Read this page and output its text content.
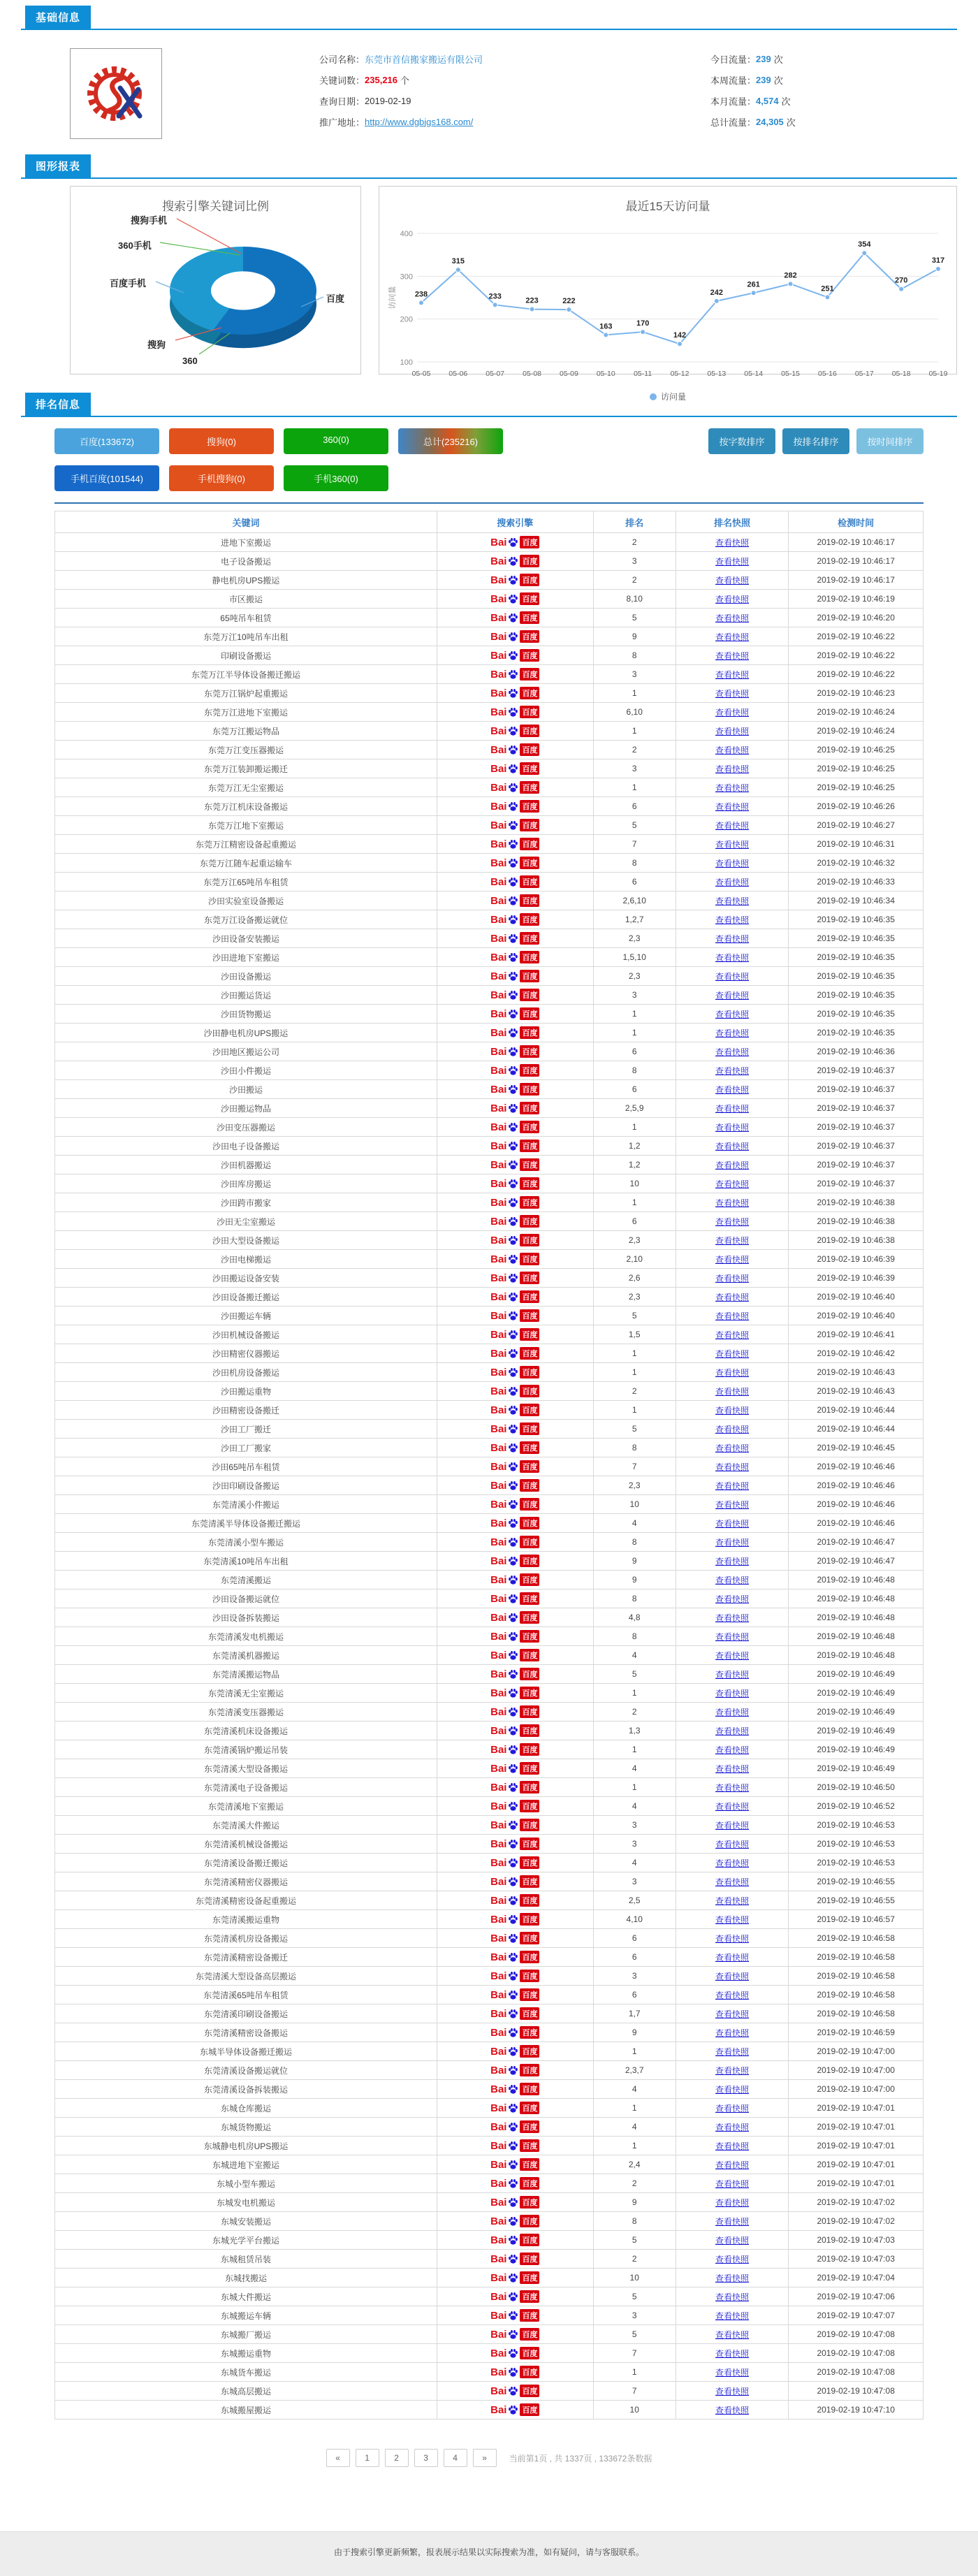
基础信息
公司名称： 东莞市首信搬家搬运有限公司
关键词数： 235,216 个
查询日期： 2019-02-19
推广地址： http://www.dgbjgs168.com/
今日流量： 239 次
本周流量： 239 次
本月流量： 4,574 次
总计流量： 24,305 次
图形报表
搜索引擎关键词比例
百度
百度手机
搜狗手机
360手机
搜狗
360
最近15天访问量
100
200
300
400
访问量 238
05-05
315
05-06
233
05-07
223
05-08
222
05-09
163
05-10
170
05-11
142
05-12
242
05-13
261
05-14
282
05-15
251
05-16
354
05-17
270
05-18
317
05-19
访问量
排名信息
百度(133672)	搜狗(0)	360(0)	总计(235216)	按字数排序	按排名排序	按时间排序
手机百度(101544)	手机搜狗(0)	手机360(0)
关键词	搜索引擎	排名	排名快照	检测时间
进地下室搬运	Bai 百度	2	查看快照	2019-02-19 10:46:17
电子设备搬运	Bai 百度	3	查看快照	2019-02-19 10:46:17
静电机房UPS搬运	Bai 百度	2	查看快照	2019-02-19 10:46:17
市区搬运	Bai 百度	8,10	查看快照	2019-02-19 10:46:19
65吨吊车租赁	Bai 百度	5	查看快照	2019-02-19 10:46:20
东莞万江10吨吊车出租	Bai 百度	9	查看快照	2019-02-19 10:46:22
印刷设备搬运	Bai 百度	8	查看快照	2019-02-19 10:46:22
东莞万江半导体设备搬迁搬运	Bai 百度	3	查看快照	2019-02-19 10:46:22
东莞万江锅炉起重搬运	Bai 百度	1	查看快照	2019-02-19 10:46:23
东莞万江进地下室搬运	Bai 百度	6,10	查看快照	2019-02-19 10:46:24
东莞万江搬运物品	Bai 百度	1	查看快照	2019-02-19 10:46:24
东莞万江变压器搬运	Bai 百度	2	查看快照	2019-02-19 10:46:25
东莞万江装卸搬运搬迁	Bai 百度	3	查看快照	2019-02-19 10:46:25
东莞万江无尘室搬运	Bai 百度	1	查看快照	2019-02-19 10:46:25
东莞万江机床设备搬运	Bai 百度	6	查看快照	2019-02-19 10:46:26
东莞万江地下室搬运	Bai 百度	5	查看快照	2019-02-19 10:46:27
东莞万江精密设备起重搬运	Bai 百度	7	查看快照	2019-02-19 10:46:31
东莞万江随车起重运输车	Bai 百度	8	查看快照	2019-02-19 10:46:32
东莞万江65吨吊车租赁	Bai 百度	6	查看快照	2019-02-19 10:46:33
沙田实验室设备搬运	Bai 百度	2,6,10	查看快照	2019-02-19 10:46:34
东莞万江设备搬运就位	Bai 百度	1,2,7	查看快照	2019-02-19 10:46:35
沙田设备安装搬运	Bai 百度	2,3	查看快照	2019-02-19 10:46:35
沙田进地下室搬运	Bai 百度	1,5,10	查看快照	2019-02-19 10:46:35
沙田设备搬运	Bai 百度	2,3	查看快照	2019-02-19 10:46:35
沙田搬运货运	Bai 百度	3	查看快照	2019-02-19 10:46:35
沙田货物搬运	Bai 百度	1	查看快照	2019-02-19 10:46:35
沙田静电机房UPS搬运	Bai 百度	1	查看快照	2019-02-19 10:46:35
沙田地区搬运公司	Bai 百度	6	查看快照	2019-02-19 10:46:36
沙田小件搬运	Bai 百度	8	查看快照	2019-02-19 10:46:37
沙田搬运	Bai 百度	6	查看快照	2019-02-19 10:46:37
沙田搬运物品	Bai 百度	2,5,9	查看快照	2019-02-19 10:46:37
沙田变压器搬运	Bai 百度	1	查看快照	2019-02-19 10:46:37
沙田电子设备搬运	Bai 百度	1,2	查看快照	2019-02-19 10:46:37
沙田机器搬运	Bai 百度	1,2	查看快照	2019-02-19 10:46:37
沙田库房搬运	Bai 百度	10	查看快照	2019-02-19 10:46:37
沙田跨市搬家	Bai 百度	1	查看快照	2019-02-19 10:46:38
沙田无尘室搬运	Bai 百度	6	查看快照	2019-02-19 10:46:38
沙田大型设备搬运	Bai 百度	2,3	查看快照	2019-02-19 10:46:38
沙田电梯搬运	Bai 百度	2,10	查看快照	2019-02-19 10:46:39
沙田搬运设备安装	Bai 百度	2,6	查看快照	2019-02-19 10:46:39
沙田设备搬迁搬运	Bai 百度	2,3	查看快照	2019-02-19 10:46:40
沙田搬运车辆	Bai 百度	5	查看快照	2019-02-19 10:46:40
沙田机械设备搬运	Bai 百度	1,5	查看快照	2019-02-19 10:46:41
沙田精密仪器搬运	Bai 百度	1	查看快照	2019-02-19 10:46:42
沙田机房设备搬运	Bai 百度	1	查看快照	2019-02-19 10:46:43
沙田搬运重物	Bai 百度	2	查看快照	2019-02-19 10:46:43
沙田精密设备搬迁	Bai 百度	1	查看快照	2019-02-19 10:46:44
沙田工厂搬迁	Bai 百度	5	查看快照	2019-02-19 10:46:44
沙田工厂搬家	Bai 百度	8	查看快照	2019-02-19 10:46:45
沙田65吨吊车租赁	Bai 百度	7	查看快照	2019-02-19 10:46:46
沙田印刷设备搬运	Bai 百度	2,3	查看快照	2019-02-19 10:46:46
东莞清溪小件搬运	Bai 百度	10	查看快照	2019-02-19 10:46:46
东莞清溪半导体设备搬迁搬运	Bai 百度	4	查看快照	2019-02-19 10:46:46
东莞清溪小型车搬运	Bai 百度	8	查看快照	2019-02-19 10:46:47
东莞清溪10吨吊车出租	Bai 百度	9	查看快照	2019-02-19 10:46:47
东莞清溪搬运	Bai 百度	9	查看快照	2019-02-19 10:46:48
沙田设备搬运就位	Bai 百度	8	查看快照	2019-02-19 10:46:48
沙田设备拆装搬运	Bai 百度	4,8	查看快照	2019-02-19 10:46:48
东莞清溪发电机搬运	Bai 百度	8	查看快照	2019-02-19 10:46:48
东莞清溪机器搬运	Bai 百度	4	查看快照	2019-02-19 10:46:48
东莞清溪搬运物品	Bai 百度	5	查看快照	2019-02-19 10:46:49
东莞清溪无尘室搬运	Bai 百度	1	查看快照	2019-02-19 10:46:49
东莞清溪变压器搬运	Bai 百度	2	查看快照	2019-02-19 10:46:49
东莞清溪机床设备搬运	Bai 百度	1,3	查看快照	2019-02-19 10:46:49
东莞清溪锅炉搬运吊装	Bai 百度	1	查看快照	2019-02-19 10:46:49
东莞清溪大型设备搬运	Bai 百度	4	查看快照	2019-02-19 10:46:49
东莞清溪电子设备搬运	Bai 百度	1	查看快照	2019-02-19 10:46:50
东莞清溪地下室搬运	Bai 百度	4	查看快照	2019-02-19 10:46:52
东莞清溪大件搬运	Bai 百度	3	查看快照	2019-02-19 10:46:53
东莞清溪机械设备搬运	Bai 百度	3	查看快照	2019-02-19 10:46:53
东莞清溪设备搬迁搬运	Bai 百度	4	查看快照	2019-02-19 10:46:53
东莞清溪精密仪器搬运	Bai 百度	3	查看快照	2019-02-19 10:46:55
东莞清溪精密设备起重搬运	Bai 百度	2,5	查看快照	2019-02-19 10:46:55
东莞清溪搬运重物	Bai 百度	4,10	查看快照	2019-02-19 10:46:57
东莞清溪机房设备搬运	Bai 百度	6	查看快照	2019-02-19 10:46:58
东莞清溪精密设备搬迁	Bai 百度	6	查看快照	2019-02-19 10:46:58
东莞清溪大型设备高层搬运	Bai 百度	3	查看快照	2019-02-19 10:46:58
东莞清溪65吨吊车租赁	Bai 百度	6	查看快照	2019-02-19 10:46:58
东莞清溪印刷设备搬运	Bai 百度	1,7	查看快照	2019-02-19 10:46:58
东莞清溪精密设备搬运	Bai 百度	9	查看快照	2019-02-19 10:46:59
东城半导体设备搬迁搬运	Bai 百度	1	查看快照	2019-02-19 10:47:00
东莞清溪设备搬运就位	Bai 百度	2,3,7	查看快照	2019-02-19 10:47:00
东莞清溪设备拆装搬运	Bai 百度	4	查看快照	2019-02-19 10:47:00
东城仓库搬运	Bai 百度	1	查看快照	2019-02-19 10:47:01
东城货物搬运	Bai 百度	4	查看快照	2019-02-19 10:47:01
东城静电机房UPS搬运	Bai 百度	1	查看快照	2019-02-19 10:47:01
东城进地下室搬运	Bai 百度	2,4	查看快照	2019-02-19 10:47:01
东城小型车搬运	Bai 百度	2	查看快照	2019-02-19 10:47:01
东城发电机搬运	Bai 百度	9	查看快照	2019-02-19 10:47:02
东城安装搬运	Bai 百度	8	查看快照	2019-02-19 10:47:02
东城光学平台搬运	Bai 百度	5	查看快照	2019-02-19 10:47:03
东城租赁吊装	Bai 百度	2	查看快照	2019-02-19 10:47:03
东城找搬运	Bai 百度	10	查看快照	2019-02-19 10:47:04
东城大件搬运	Bai 百度	5	查看快照	2019-02-19 10:47:06
东城搬运车辆	Bai 百度	3	查看快照	2019-02-19 10:47:07
东城搬厂搬运	Bai 百度	5	查看快照	2019-02-19 10:47:08
东城搬运重物	Bai 百度	7	查看快照	2019-02-19 10:47:08
东城货车搬运	Bai 百度	1	查看快照	2019-02-19 10:47:08
东城高层搬运	Bai 百度	7	查看快照	2019-02-19 10:47:08
东城搬屋搬运	Bai 百度	10	查看快照	2019-02-19 10:47:10
«	1	2	3	4	»	当前第1页 , 共 1337页 , 133672条数据
由于搜索引擎更新频繁，报表展示结果以实际搜索为准，如有疑问，请与客服联系。
